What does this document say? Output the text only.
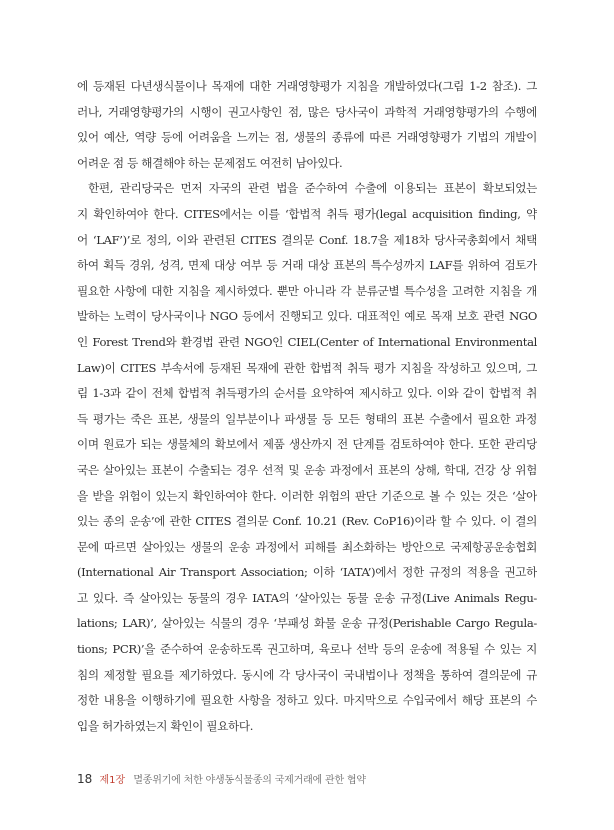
에 등재된 다년생식물이나 목재에 대한 거래영향평가 지침을 개발하였다(그림 1-2 참조). 그
러나, 거래영향평가의 시행이 권고사항인 점, 많은 당사국이 과학적 거래영향평가의 수행에
있어 예산, 역량 등에 어려움을 느끼는 점, 생물의 종류에 따른 거래영향평가 기법의 개발이
어려운 점 등 해결해야 하는 문제점도 여전히 남아있다.
한편, 관리당국은 먼저 자국의 관련 법을 준수하여 수출에 이용되는 표본이 확보되었는
지 확인하여야 한다. CITES에서는 이를 ‘합법적 취득 평가(legal acquisition finding, 약
어 ‘LAF’)’로 정의, 이와 관련된 CITES 결의문 Conf. 18.7을 제18차 당사국총회에서 채택
하여 획득 경위, 성격, 면제 대상 여부 등 거래 대상 표본의 특수성까지 LAF를 위하여 검토가
필요한 사항에 대한 지침을 제시하였다. 뿐만 아니라 각 분류군별 특수성을 고려한 지침을 개
발하는 노력이 당사국이나 NGO 등에서 진행되고 있다. 대표적인 예로 목재 보호 관련 NGO
인 Forest Trend와 환경법 관련 NGO인 CIEL(Center of International Environmental
Law)이 CITES 부속서에 등재된 목재에 관한 합법적 취득 평가 지침을 작성하고 있으며, 그
림 1-3과 같이 전체 합법적 취득평가의 순서를 요약하여 제시하고 있다. 이와 같이 합법적 취
득 평가는 죽은 표본, 생물의 일부분이나 파생물 등 모든 형태의 표본 수출에서 필요한 과정
이며 원료가 되는 생물체의 확보에서 제품 생산까지 전 단계를 검토하여야 한다. 또한 관리당
국은 살아있는 표본이 수출되는 경우 선적 및 운송 과정에서 표본의 상해, 학대, 건강 상 위험
을 받을 위험이 있는지 확인하여야 한다. 이러한 위험의 판단 기준으로 볼 수 있는 것은 ‘살아
있는 종의 운송’에 관한 CITES 결의문 Conf. 10.21 (Rev. CoP16)이라 할 수 있다. 이 결의
문에 따르면 살아있는 생물의 운송 과정에서 피해를 최소화하는 방안으로 국제항공운송협회
(International Air Transport Association; 이하 ‘IATA’)에서 정한 규정의 적용을 권고하
고 있다. 즉 살아있는 동물의 경우 IATA의 ‘살아있는 동물 운송 규정(Live Animals Regu-
lations; LAR)’, 살아있는 식물의 경우 ‘부패성 화물 운송 규정(Perishable Cargo Regula-
tions; PCR)’을 준수하여 운송하도록 권고하며, 육로나 선박 등의 운송에 적용될 수 있는 지
침의 제정할 필요를 제기하였다. 동시에 각 당사국이 국내법이나 정책을 통하여 결의문에 규
정한 내용을 이행하기에 필요한 사항을 정하고 있다. 마지막으로 수입국에서 해당 표본의 수
입을 허가하였는지 확인이 필요하다.
18 제1장 멸종위기에 처한 야생동식물종의 국제거래에 관한 협약
